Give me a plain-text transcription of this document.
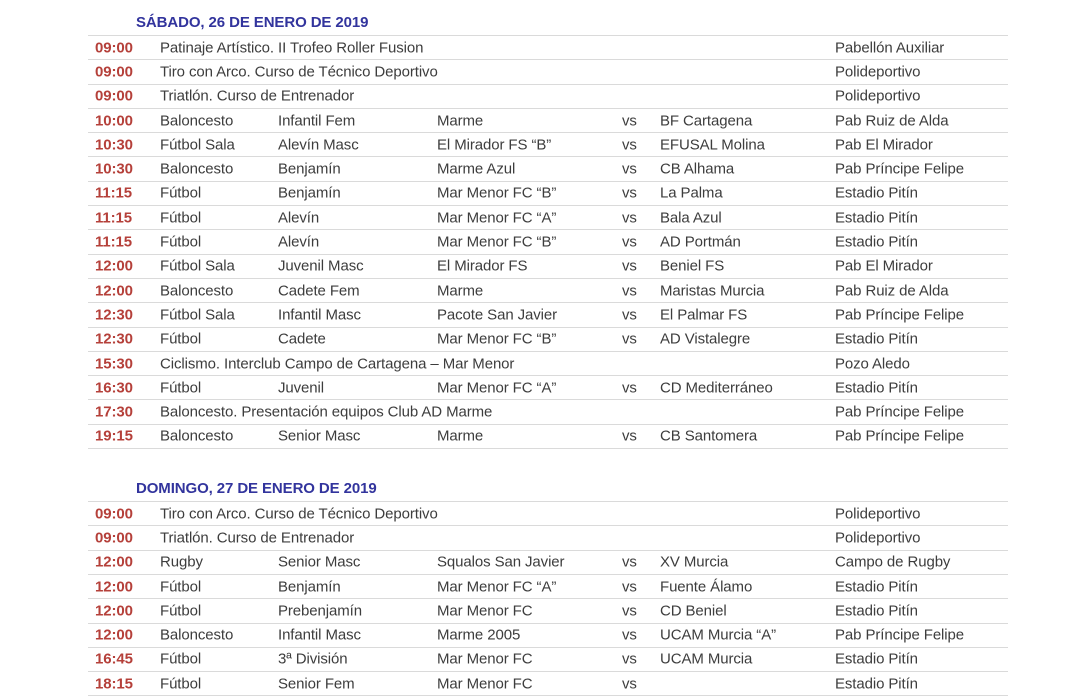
SÁBADO, 26 DE ENERO DE 2019
09:00 Patinaje Artístico. II Trofeo Roller Fusion	Pabellón Auxiliar
09:00 Tiro con Arco. Curso de Técnico Deportivo	Polideportivo
09:00 Triatlón. Curso de Entrenador	Polideportivo
10:00 Baloncesto	Infantil Fem	Marme	vs BF Cartagena	Pab Ruiz de Alda
10:30 Fútbol Sala	Alevín Masc	El Mirador FS “B”	vs EFUSAL Molina	Pab El Mirador
10:30 Baloncesto	Benjamín	Marme Azul	vs CB Alhama	Pab Príncipe Felipe
11:15 Fútbol	Benjamín	Mar Menor FC “B”	vs La Palma	Estadio Pitín
11:15 Fútbol	Alevín	Mar Menor FC “A”	vs Bala Azul	Estadio Pitín
11:15 Fútbol	Alevín	Mar Menor FC “B”	vs AD Portmán	Estadio Pitín
12:00 Fútbol Sala	Juvenil Masc	El Mirador FS	vs Beniel FS	Pab El Mirador
12:00 Baloncesto	Cadete Fem	Marme	vs Maristas Murcia	Pab Ruiz de Alda
12:30 Fútbol Sala	Infantil Masc	Pacote San Javier	vs El Palmar FS	Pab Príncipe Felipe
12:30 Fútbol	Cadete	Mar Menor FC “B”	vs AD Vistalegre	Estadio Pitín
15:30 Ciclismo. Interclub Campo de Cartagena – Mar Menor	Pozo Aledo
16:30 Fútbol	Juvenil	Mar Menor FC “A”	vs CD Mediterráneo	Estadio Pitín
17:30 Baloncesto. Presentación equipos Club AD Marme	Pab Príncipe Felipe
19:15 Baloncesto	Senior Masc	Marme	vs CB Santomera	Pab Príncipe Felipe
DOMINGO, 27 DE ENERO DE 2019
09:00 Tiro con Arco. Curso de Técnico Deportivo	Polideportivo
09:00 Triatlón. Curso de Entrenador	Polideportivo
12:00 Rugby	Senior Masc	Squalos San Javier	vs XV Murcia	Campo de Rugby
12:00 Fútbol	Benjamín	Mar Menor FC “A”	vs Fuente Álamo	Estadio Pitín
12:00 Fútbol	Prebenjamín	Mar Menor FC	vs CD Beniel	Estadio Pitín
12:00 Baloncesto	Infantil Masc	Marme 2005	vs UCAM Murcia “A”	Pab Príncipe Felipe
16:45 Fútbol	3ª División	Mar Menor FC	vs UCAM Murcia	Estadio Pitín
18:15 Fútbol	Senior Fem	Mar Menor FC	vs	Estadio Pitín
